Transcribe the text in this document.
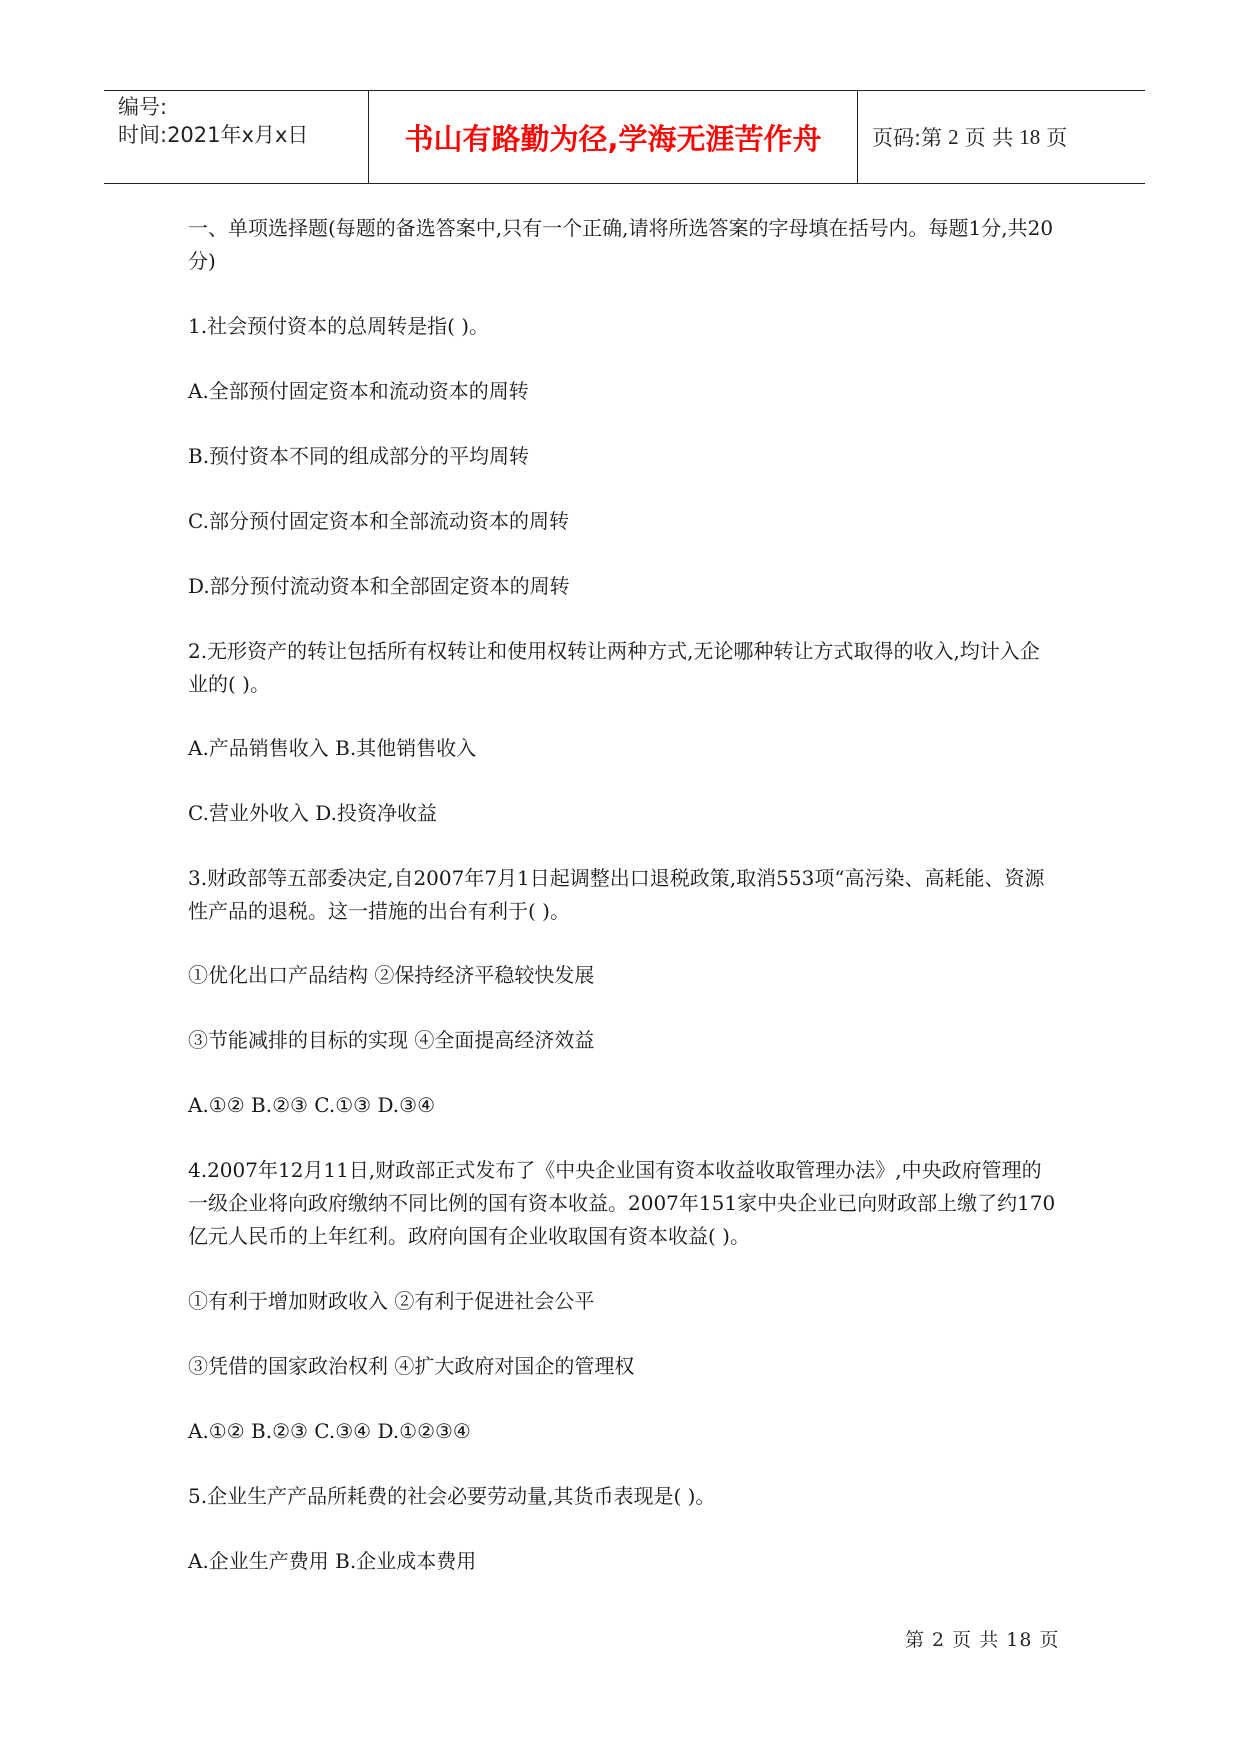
编号:
时间:2021年x月x日	书山有路勤为径,学海无涯苦作舟	页码:第 2 页 共 18 页

一、单项选择题(每题的备选答案中,只有一个正确,请将所选答案的字母填在括号内。每题1分,共20分)

1.社会预付资本的总周转是指( )。

A.全部预付固定资本和流动资本的周转

B.预付资本不同的组成部分的平均周转

C.部分预付固定资本和全部流动资本的周转

D.部分预付流动资本和全部固定资本的周转

2.无形资产的转让包括所有权转让和使用权转让两种方式,无论哪种转让方式取得的收入,均计入企业的( )。

A.产品销售收入 B.其他销售收入

C.营业外收入 D.投资净收益

3.财政部等五部委决定,自2007年7月1日起调整出口退税政策,取消553项“高污染、高耗能、资源性产品的退税。这一措施的出台有利于( )。

①优化出口产品结构 ②保持经济平稳较快发展

③节能减排的目标的实现 ④全面提高经济效益

A.①② B.②③ C.①③ D.③④

4.2007年12月11日,财政部正式发布了《中央企业国有资本收益收取管理办法》,中央政府管理的一级企业将向政府缴纳不同比例的国有资本收益。2007年151家中央企业已向财政部上缴了约170亿元人民币的上年红利。政府向国有企业收取国有资本收益( )。

①有利于增加财政收入 ②有利于促进社会公平

③凭借的国家政治权利 ④扩大政府对国企的管理权

A.①② B.②③ C.③④ D.①②③④

5.企业生产产品所耗费的社会必要劳动量,其货币表现是( )。

A.企业生产费用 B.企业成本费用

第 2 页 共 18 页
